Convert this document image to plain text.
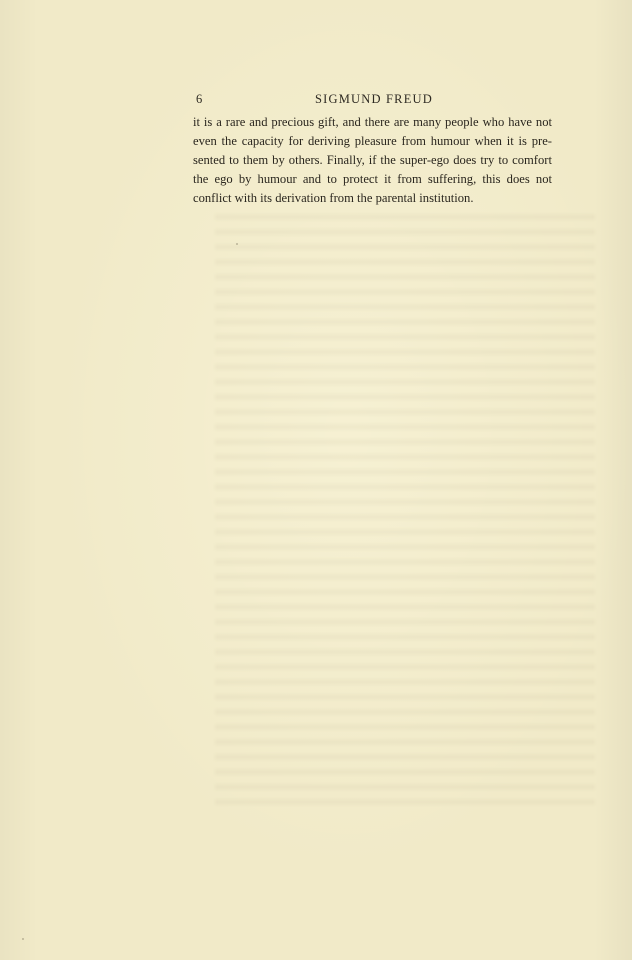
6	SIGMUND FREUD
it is a rare and precious gift, and there are many people who have not
even the capacity for deriving pleasure from humour when it is pre-
sented to them by others. Finally, if the super-ego does try to comfort
the ego by humour and to protect it from suffering, this does not
conflict with its derivation from the parental institution.
